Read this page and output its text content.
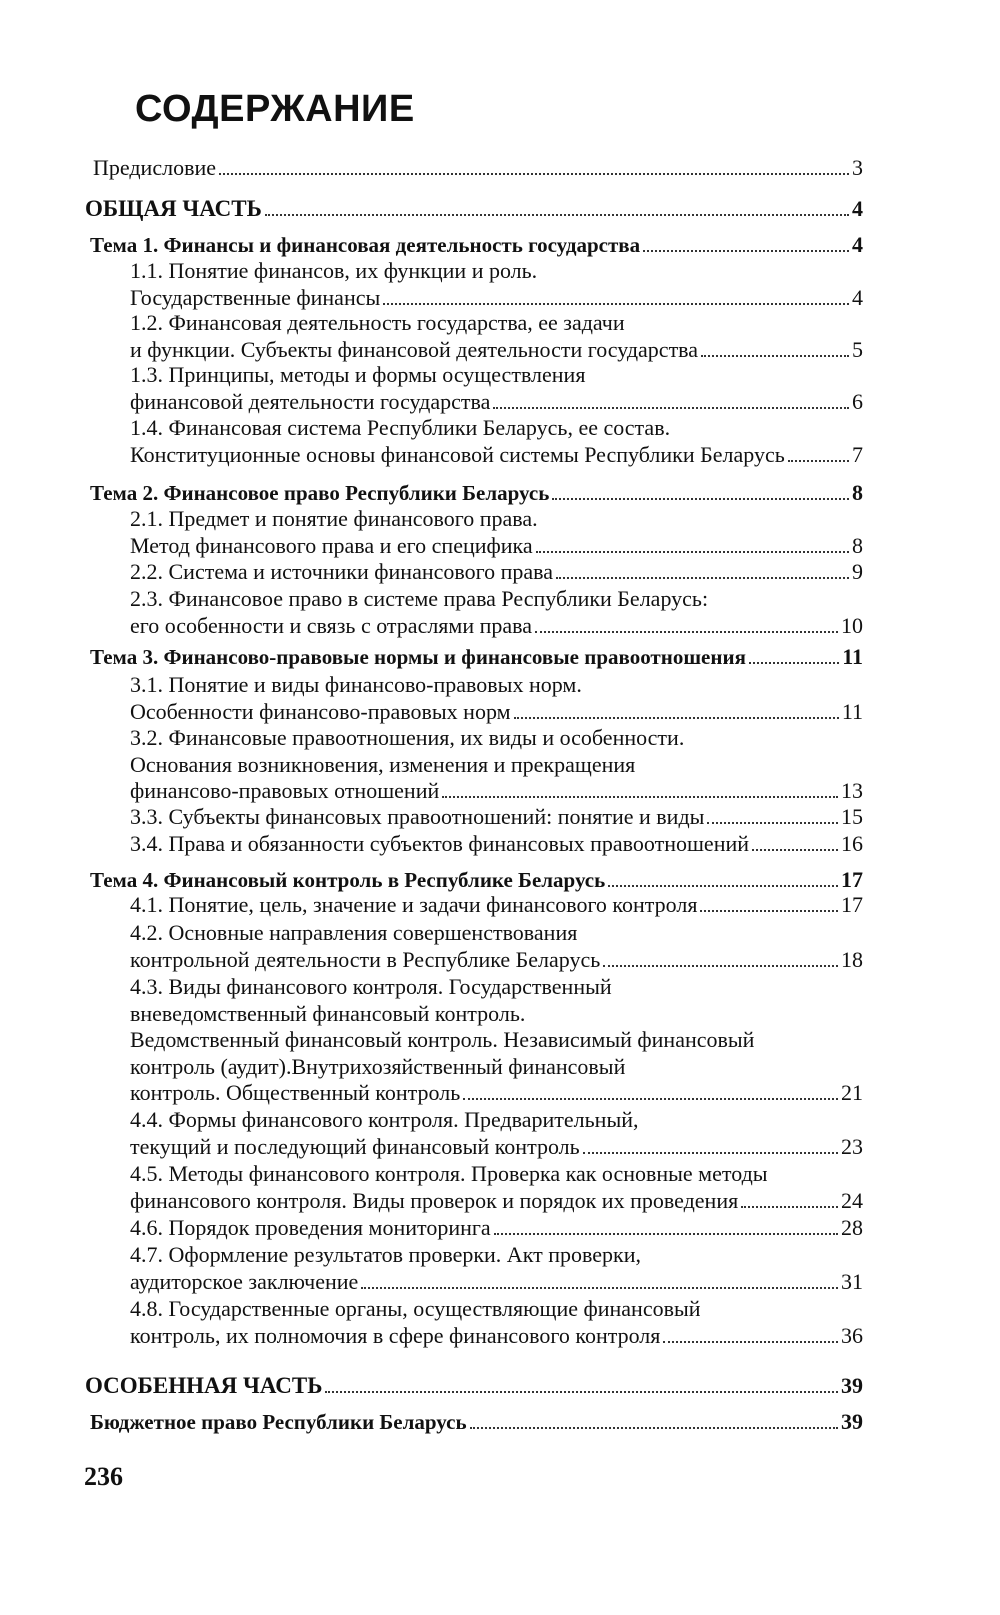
СОДЕРЖАНИЕ
Предисловие	3
ОБЩАЯ ЧАСТЬ	4
Тема 1. Финансы и финансовая деятельность государства	4
1.1. Понятие финансов, их функции и роль.
Государственные финансы	4
1.2. Финансовая деятельность государства, ее задачи
и функции. Субъекты финансовой деятельности государства	5
1.3. Принципы, методы и формы осуществления
финансовой деятельности государства	6
1.4. Финансовая система Республики Беларусь, ее состав.
Конституционные основы финансовой системы Республики Беларусь	7
Тема 2. Финансовое право Республики Беларусь	8
2.1. Предмет и понятие финансового права.
Метод финансового права и его специфика	8
2.2. Система и источники финансового права	9
2.3. Финансовое право в системе права Республики Беларусь:
его особенности и связь с отраслями права	10
Тема 3. Финансово-правовые нормы и финансовые правоотношения	11
3.1. Понятие и виды финансово-правовых норм.
Особенности финансово-правовых норм	11
3.2. Финансовые правоотношения, их виды и особенности.
Основания возникновения, изменения и прекращения
финансово-правовых отношений	13
3.3. Субъекты финансовых правоотношений: понятие и виды	15
3.4. Права и обязанности субъектов финансовых правоотношений	16
Тема 4. Финансовый контроль в Республике Беларусь	17
4.1. Понятие, цель, значение и задачи финансового контроля	17
4.2. Основные направления совершенствования
контрольной деятельности в Республике Беларусь	18
4.3. Виды финансового контроля. Государственный
вневедомственный финансовый контроль.
Ведомственный финансовый контроль. Независимый финансовый
контроль (аудит).Внутрихозяйственный финансовый
контроль. Общественный контроль	21
4.4. Формы финансового контроля. Предварительный,
текущий и последующий финансовый контроль	23
4.5. Методы финансового контроля. Проверка как основные методы
финансового контроля. Виды проверок и порядок их проведения	24
4.6. Порядок проведения мониторинга	28
4.7. Оформление результатов проверки. Акт проверки,
аудиторское заключение	31
4.8. Государственные органы, осуществляющие финансовый
контроль, их полномочия в сфере финансового контроля	36
ОСОБЕННАЯ ЧАСТЬ	39
Бюджетное право Республики Беларусь	39
236
